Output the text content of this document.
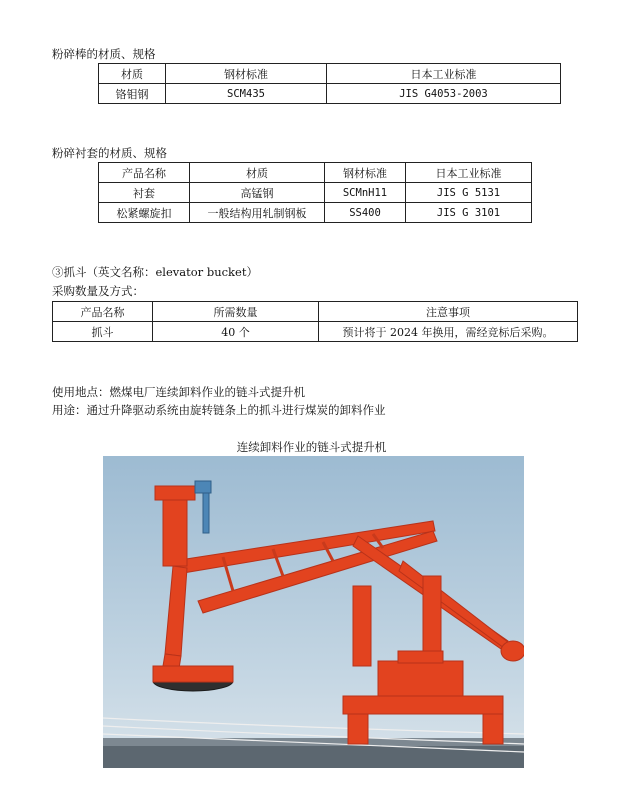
粉碎棒的材质、规格
材质	钢材标准	日本工业标准
铬钼钢	SCM435	JIS G4053-2003
粉碎衬套的材质、规格
产品名称	材质	钢材标准	日本工业标准
衬套	高锰钢	SCMnH11	JIS G 5131
松紧螺旋扣	一般结构用轧制钢板	SS400	JIS G 3101
③抓斗（英文名称：elevator bucket）
采购数量及方式：
产品名称	所需数量	注意事项
抓斗	40 个	预计将于 2024 年换用，需经竞标后采购。
使用地点：燃煤电厂连续卸料作业的链斗式提升机
用途：通过升降驱动系统由旋转链条上的抓斗进行煤炭的卸料作业
连续卸料作业的链斗式提升机
